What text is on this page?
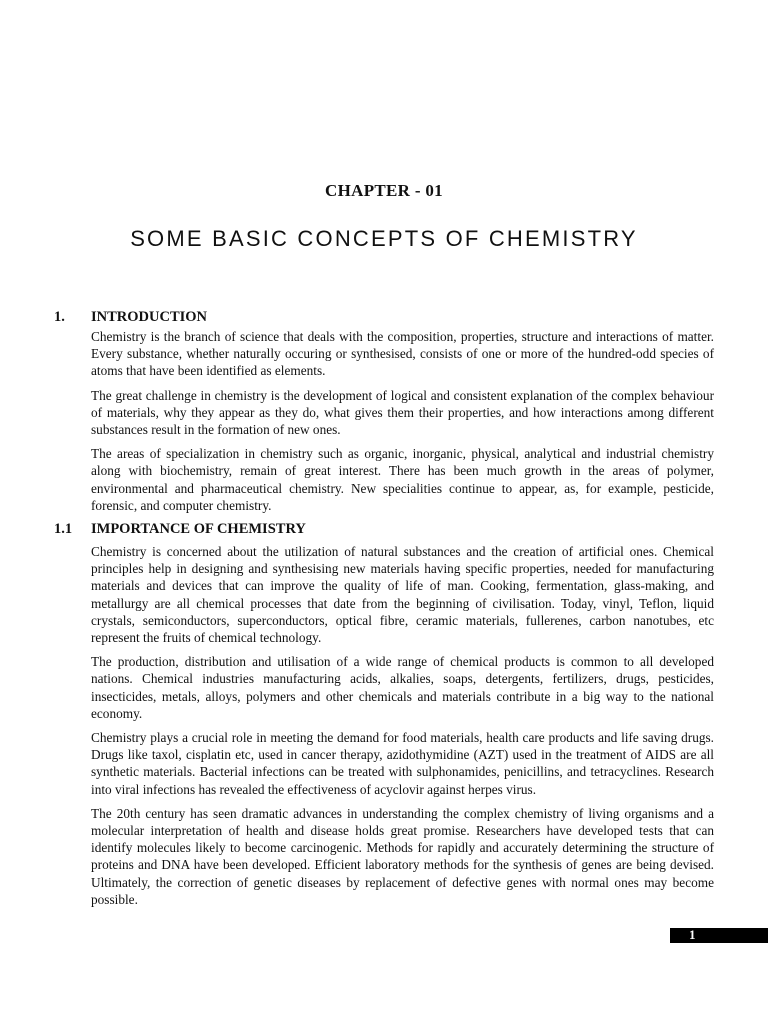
CHAPTER - 01
SOME BASIC CONCEPTS OF CHEMISTRY
1.	INTRODUCTION

Chemistry is the branch of science that deals with the composition, properties, structure and interactions of matter. Every substance, whether naturally occuring or synthesised, consists of one or more of the hundred-odd species of atoms that have been identified as elements.

The great challenge in chemistry is the development of logical and consistent explanation of the complex behaviour of materials, why they appear as they do, what gives them their properties, and how interactions among different substances result in the formation of new ones.

The areas of specialization in chemistry such as organic, inorganic, physical, analytical and industrial chemistry along with biochemistry, remain of great interest. There has been much growth in the areas of polymer, environmental and pharmaceutical chemistry. New specialities continue to appear, as, for example, pesticide, forensic, and computer chemistry.

1.1	IMPORTANCE OF CHEMISTRY

Chemistry is concerned about the utilization of natural substances and the creation of artificial ones. Chemical principles help in designing and synthesising new materials having specific properties, needed for manufacturing materials and devices that can improve the quality of life of man. Cooking, fermentation, glass-making, and metallurgy are all chemical processes that date from the beginning of civilisation. Today, vinyl, Teflon, liquid crystals, semiconductors, superconductors, optical fibre, ceramic materials, fullerenes, carbon nanotubes, etc represent the fruits of chemical technology.

The production, distribution and utilisation of a wide range of chemical products is common to all developed nations. Chemical industries manufacturing acids, alkalies, soaps, detergents, fertilizers, drugs, pesticides, insecticides, metals, alloys, polymers and other chemicals and materials contribute in a big way to the national economy.

Chemistry plays a crucial role in meeting the demand for food materials, health care products and life saving drugs. Drugs like taxol, cisplatin etc, used in cancer therapy, azidothymidine (AZT) used in the treatment of AIDS are all synthetic materials. Bacterial infections can be treated with sulphonamides, penicillins, and tetracyclines. Research into viral infections has revealed the effectiveness of acyclovir against herpes virus.

The 20th century has seen dramatic advances in understanding the complex chemistry of living organisms and a molecular interpretation of health and disease holds great promise. Researchers have developed tests that can identify molecules likely to become carcinogenic. Methods for rapidly and accurately determining the structure of proteins and DNA have been developed. Efficient laboratory methods for the synthesis of genes are being devised. Ultimately, the correction of genetic diseases by replacement of defective genes with normal ones may become possible.

1
